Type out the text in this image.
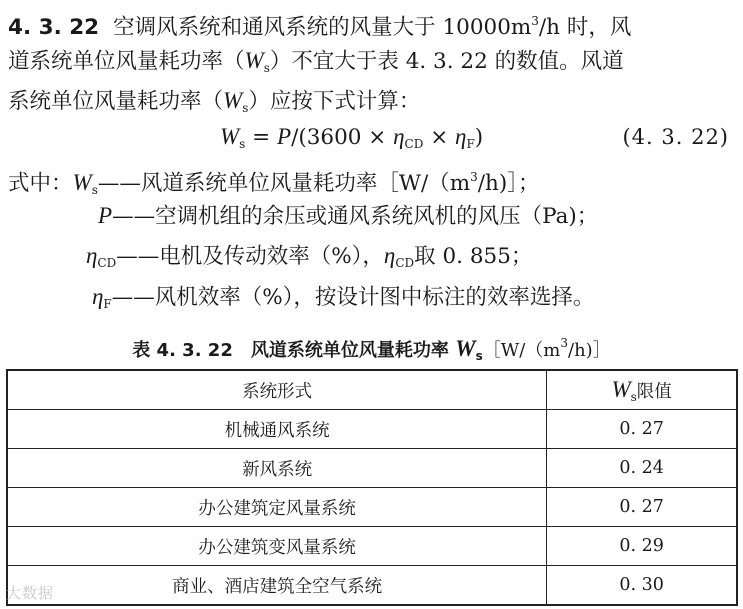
4. 3. 22 空调风系统和通风系统的风量大于 $10000m^3/h$ 时，风
道系统单位风量耗功率$(W_s)$不宜大于表 4. 3. 22 的数值。风道
系统单位风量耗功率$(W_s)$应按下式计算：
$W_s = P/(3600 \times \eta_{CD} \times \eta_F)$	(4. 3. 22)
式中：$W_s——$风道系统单位风量耗功率$[W/(m^3/h)]$；
P——空调机组的余压或通风系统风机的风压（Pa)；
$\eta_{CD}——$电机及传动效率（%），$\eta_{CD}$取 0. 855；
$\eta_F——$风机效率（%），按设计图中标注的效率选择。
表 4. 3. 22　风道系统单位风量耗功率 $W_s[W/(m^3/h)]$
系统形式	$W_s$限值
机械通风系统	0. 27
新风系统	0. 24
办公建筑定风量系统	0. 27
办公建筑变风量系统	0. 29
商业、酒店建筑全空气系统	0. 30
大数据
